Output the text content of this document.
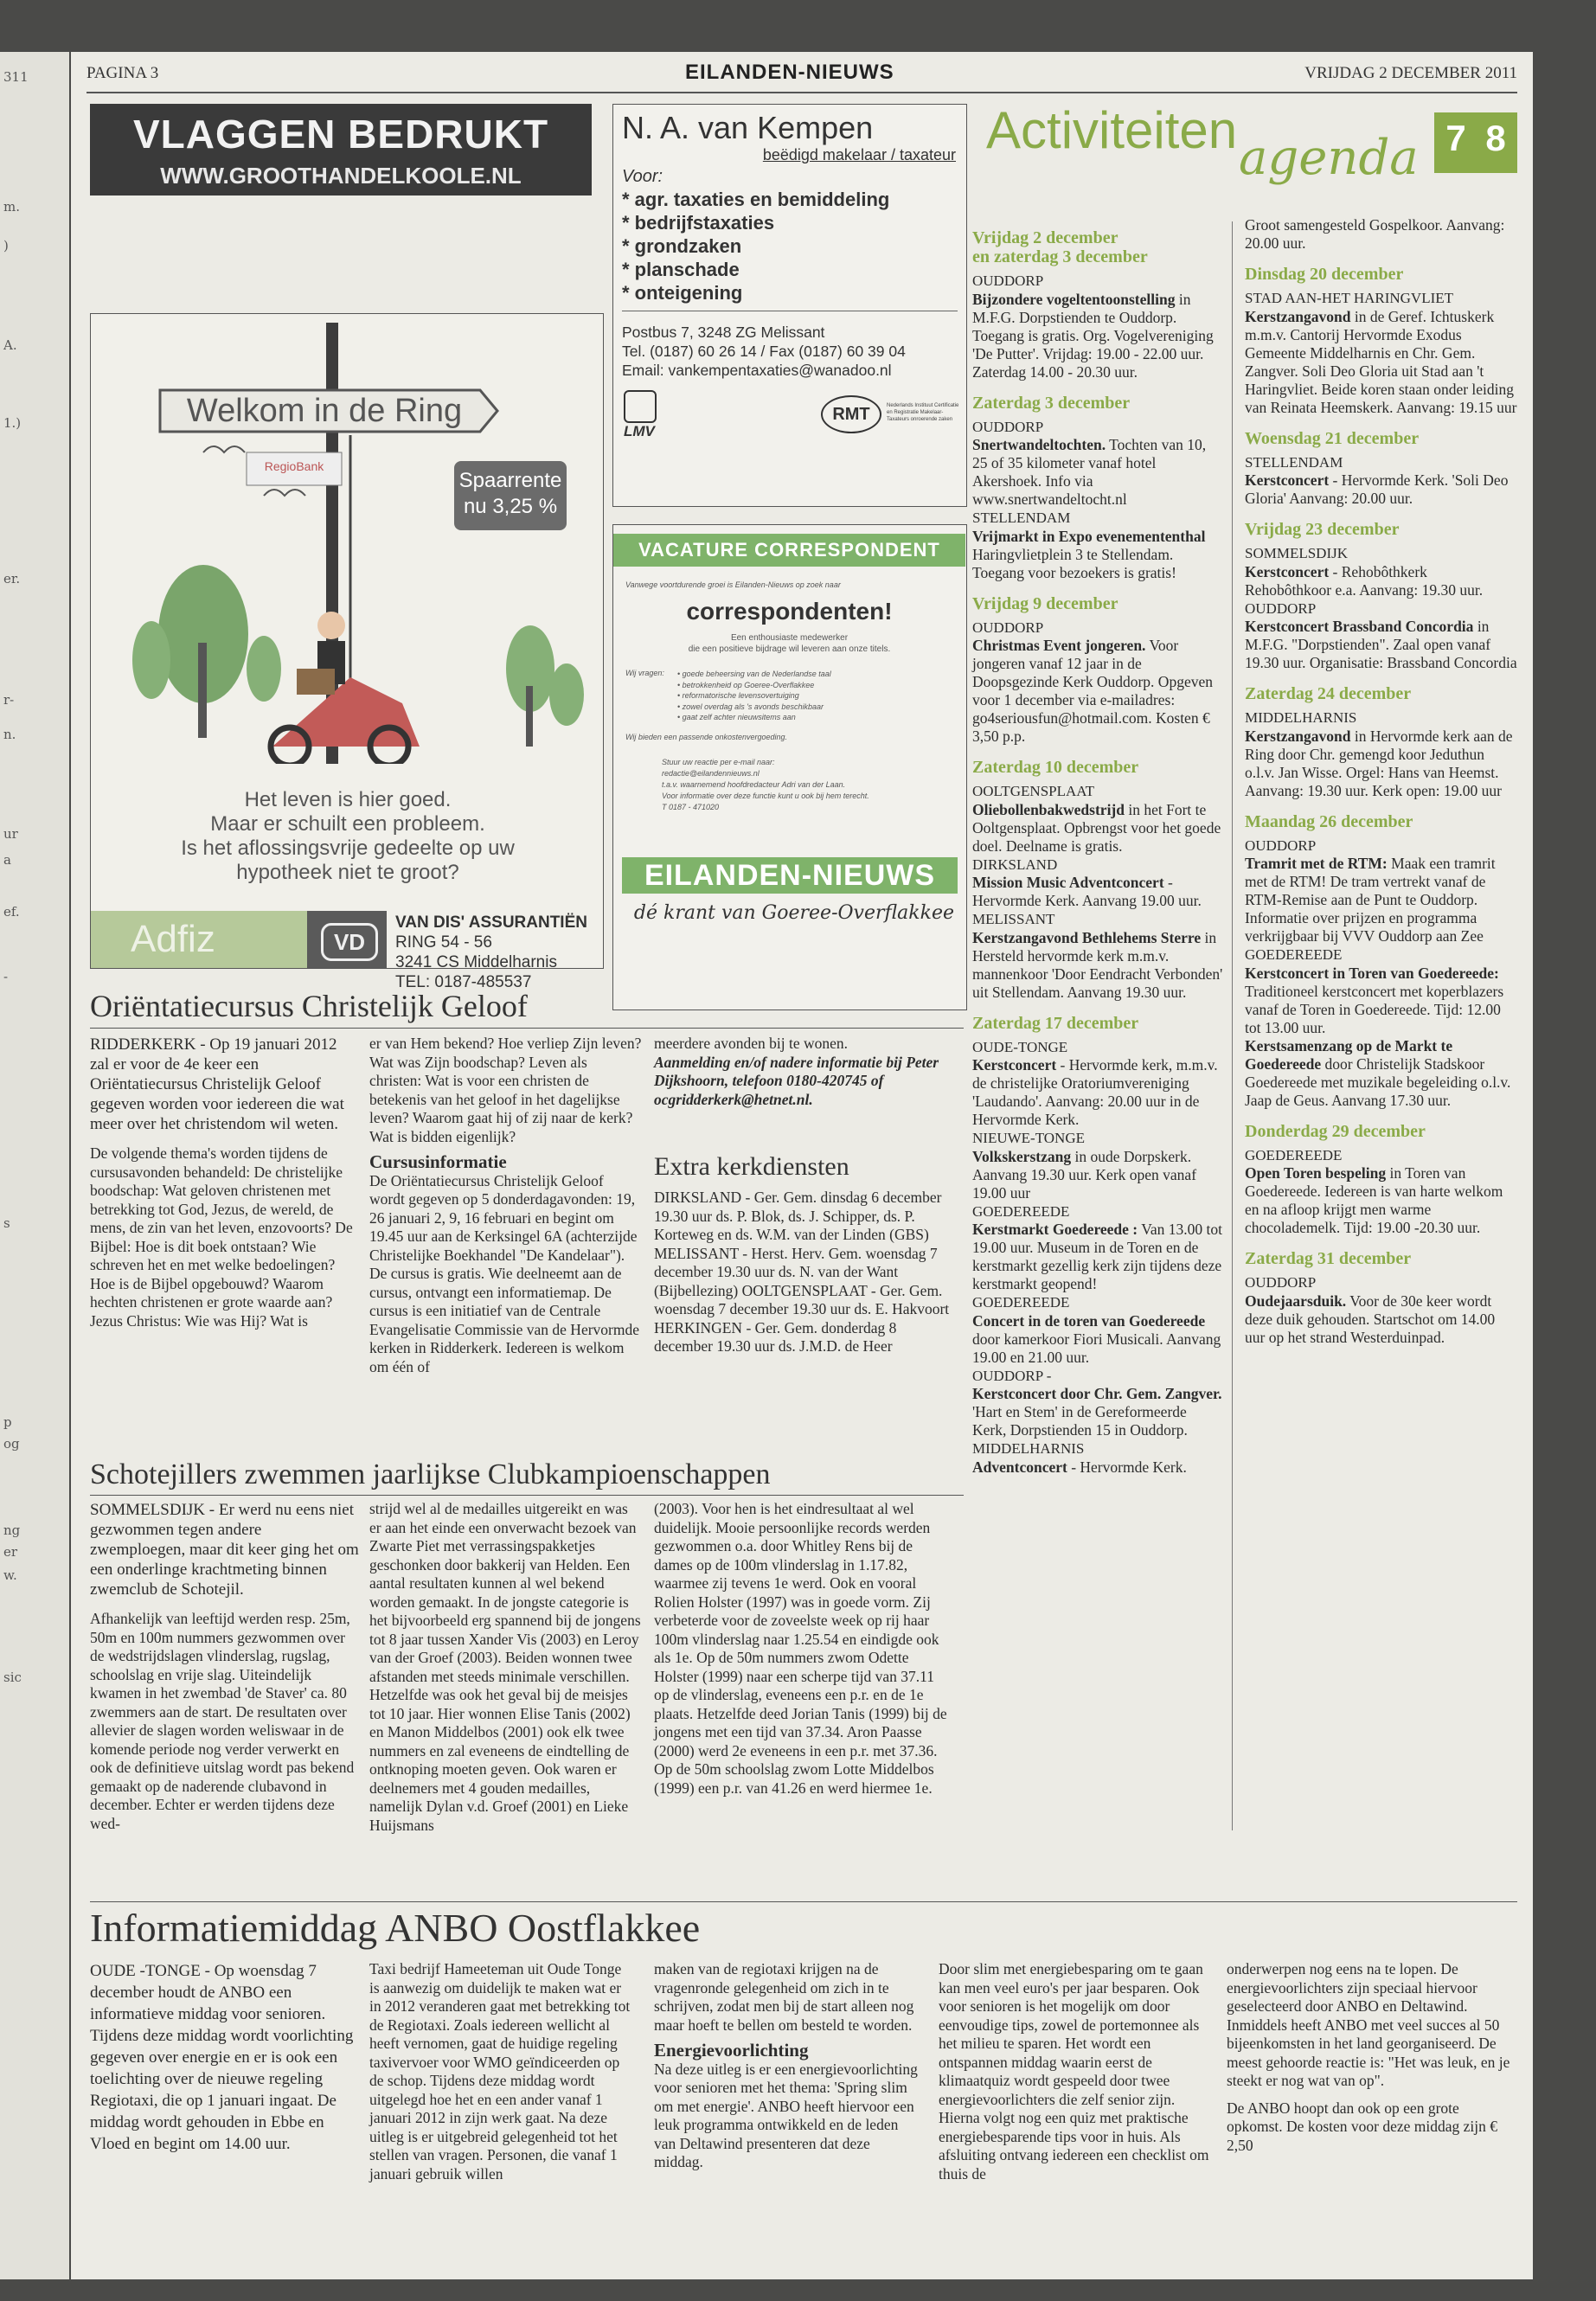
311
m.
)
A.
1.)
er.
r-
n.
ur
a
ef.
-
s
p
og
ng
er
w.
sic
PAGINA 3	EILANDEN-NIEUWS	VRIJDAG 2 DECEMBER 2011
VLAGGEN BEDRUKT
WWW.GROOTHANDELKOOLE.NL
N. A. van Kempen
beëdigd makelaar / taxateur
Voor:
* agr. taxaties en bemiddeling
* bedrijfstaxaties
* grondzaken
* planschade
* onteigening
Postbus 7, 3248 ZG Melissant
Tel. (0187) 60 26 14 / Fax (0187) 60 39 04
Email: vankempentaxaties@wanadoo.nl
LMV
RMT	Nederlands Instituut Certificatie en Registratie Makelaar-Taxateurs onroerende zaken
Welkom in de Ring
RegioBank
Spaarrente
nu 3,25 %
Het leven is hier goed.
Maar er schuilt een probleem.
Is het aflossingsvrije gedeelte op uw
hypotheek niet te groot?
Adfiz	VD
VAN DIS' ASSURANTIËN
RING 54 - 56
3241 CS Middelharnis
TEL: 0187-485537
VACATURE CORRESPONDENT
Vanwege voortdurende groei is Eilanden-Nieuws op zoek naar
correspondenten!
Een enthousiaste medewerker
die een positieve bijdrage wil leveren aan onze titels.
Wij vragen: • goede beheersing van de Nederlandse taal
• betrokkenheid op Goeree-Overflakkee
• reformatorische levensovertuiging
• zowel overdag als 's avonds beschikbaar
• gaat zelf achter nieuwsitems aan
Wij bieden een passende onkostenvergoeding.
Stuur uw reactie per e-mail naar:
redactie@eilandennieuws.nl
t.a.v. waarnemend hoofdredacteur Adri van der Laan.
Voor informatie over deze functie kunt u ook bij hem terecht.
T 0187 - 471020
EILANDEN-NIEUWS
dé krant van Goeree-Overflakkee
Activiteiten agenda 7 8
Vrijdag 2 december
en zaterdag 3 december

OUDDORP

Bijzondere vogeltentoonstelling in M.F.G. Dorpstienden te Ouddorp. Toegang is gratis. Org. Vogelvereniging 'De Putter'. Vrijdag: 19.00 - 22.00 uur. Zaterdag 14.00 - 20.30 uur.

Zaterdag 3 december

OUDDORP

Snertwandeltochten. Tochten van 10, 25 of 35 kilometer vanaf hotel Akershoek. Info via www.snertwandeltocht.nl

STELLENDAM

Vrijmarkt in Expo evenemententhal Haringvlietplein 3 te Stellendam. Toegang voor bezoekers is gratis!

Vrijdag 9 december

OUDDORP

Christmas Event jongeren. Voor jongeren vanaf 12 jaar in de Doopsgezinde Kerk Ouddorp. Opgeven voor 1 december via e-mailadres: go4seriousfun@hotmail.com. Kosten € 3,50 p.p.

Zaterdag 10 december

OOLTGENSPLAAT

Oliebollenbakwedstrijd in het Fort te Ooltgensplaat. Opbrengst voor het goede doel. Deelname is gratis.

DIRKSLAND

Mission Music Adventconcert - Hervormde Kerk. Aanvang 19.00 uur.

MELISSANT

Kerstzangavond Bethlehems Sterre in Hersteld hervormde kerk m.m.v. mannenkoor 'Door Eendracht Verbonden' uit Stellendam. Aanvang 19.30 uur.

Zaterdag 17 december

OUDE-TONGE

Kerstconcert - Hervormde kerk, m.m.v. de christelijke Oratoriumvereniging 'Laudando'. Aanvang: 20.00 uur in de Hervormde Kerk.

NIEUWE-TONGE

Volkskerstzang in oude Dorpskerk. Aanvang 19.30 uur. Kerk open vanaf 19.00 uur

GOEDEREEDE

Kerstmarkt Goedereede : Van 13.00 tot 19.00 uur. Museum in de Toren en de kerstmarkt gezellig kerk zijn tijdens deze kerstmarkt geopend!

GOEDEREEDE

Concert in de toren van Goedereede door kamerkoor Fiori Musicali. Aanvang 19.00 en 21.00 uur.

OUDDORP -

Kerstconcert door Chr. Gem. Zangver. 'Hart en Stem' in de Gereformeerde Kerk, Dorpstienden 15 in Ouddorp.

MIDDELHARNIS

Adventconcert - Hervormde Kerk.

Groot samengesteld Gospelkoor. Aanvang: 20.00 uur.

Dinsdag 20 december

STAD AAN-HET HARINGVLIET

Kerstzangavond in de Geref. Ichtuskerk m.m.v. Cantorij Hervormde Exodus Gemeente Middelharnis en Chr. Gem. Zangver. Soli Deo Gloria uit Stad aan 't Haringvliet. Beide koren staan onder leiding van Reinata Heemskerk. Aanvang: 19.15 uur

Woensdag 21 december

STELLENDAM

Kerstconcert - Hervormde Kerk. 'Soli Deo Gloria' Aanvang: 20.00 uur.

Vrijdag 23 december

SOMMELSDIJK

Kerstconcert - Rehobôthkerk Rehobôthkoor e.a. Aanvang: 19.30 uur.

OUDDORP

Kerstconcert Brassband Concordia in M.F.G. "Dorpstienden". Zaal open vanaf 19.30 uur. Organisatie: Brassband Concordia

Zaterdag 24 december

MIDDELHARNIS

Kerstzangavond in Hervormde kerk aan de Ring door Chr. gemengd koor Jeduthun o.l.v. Jan Wisse. Orgel: Hans van Heemst. Aanvang: 19.30 uur. Kerk open: 19.00 uur

Maandag 26 december

OUDDORP

Tramrit met de RTM: Maak een tramrit met de RTM! De tram vertrekt vanaf de RTM-Remise aan de Punt te Ouddorp. Informatie over prijzen en programma verkrijgbaar bij VVV Ouddorp aan Zee

GOEDEREEDE

Kerstconcert in Toren van Goedereede: Traditioneel kerstconcert met koperblazers vanaf de Toren in Goedereede. Tijd: 12.00 tot 13.00 uur.

Kerstsamenzang op de Markt te Goedereede door Christelijk Stadskoor Goedereede met muzikale begeleiding o.l.v. Jaap de Geus. Aanvang 17.30 uur.

Donderdag 29 december

GOEDEREEDE

Open Toren bespeling in Toren van Goedereede. Iedereen is van harte welkom en na afloop krijgt men warme chocolademelk. Tijd: 19.00 -20.30 uur.

Zaterdag 31 december

OUDDORP

Oudejaarsduik. Voor de 30e keer wordt deze duik gehouden. Startschot om 14.00 uur op het strand Westerduinpad.

Oriëntatiecursus Christelijk Geloof

RIDDERKERK - Op 19 januari 2012 zal er voor de 4e keer een Oriëntatiecursus Christelijk Geloof gegeven worden voor iedereen die wat meer over het christendom wil weten.

De volgende thema's worden tijdens de cursusavonden behandeld: De christelijke boodschap: Wat geloven christenen met betrekking tot God, Jezus, de wereld, de mens, de zin van het leven, enzovoorts? De Bijbel: Hoe is dit boek ontstaan? Wie schreven het en met welke bedoelingen? Hoe is de Bijbel opgebouwd? Waarom hechten christenen er grote waarde aan? Jezus Christus: Wie was Hij? Wat is

er van Hem bekend? Hoe verliep Zijn leven? Wat was Zijn boodschap? Leven als christen: Wat is voor een christen de betekenis van het geloof in het dagelijkse leven? Waarom gaat hij of zij naar de kerk? Wat is bidden eigenlijk?

Cursusinformatie

De Oriëntatiecursus Christelijk Geloof wordt gegeven op 5 donderdagavonden: 19, 26 januari 2, 9, 16 februari en begint om 19.45 uur aan de Kerksingel 6A (achterzijde Christelijke Boekhandel "De Kandelaar"). De cursus is gratis. Wie deelneemt aan de cursus, ontvangt een informatiemap. De cursus is een initiatief van de Centrale Evangelisatie Commissie van de Hervormde kerken in Ridderkerk. Iedereen is welkom om één of

meerdere avonden bij te wonen.

Aanmelding en/of nadere informatie bij Peter Dijkshoorn, telefoon 0180-420745 of ocgridderkerk@hetnet.nl.

Extra kerkdiensten
DIRKSLAND - Ger. Gem. dinsdag 6 december 19.30 uur ds. P. Blok, ds. J. Schipper, ds. P. Korteweg en ds. W.M. van der Linden (GBS) MELISSANT - Herst. Herv. Gem. woensdag 7 december 19.30 uur ds. N. van der Want (Bijbellezing) OOLTGENSPLAAT - Ger. Gem. woensdag 7 december 19.30 uur ds. E. Hakvoort HERKINGEN - Ger. Gem. donderdag 8 december 19.30 uur ds. J.M.D. de Heer
Schotejillers zwemmen jaarlijkse Clubkampioenschappen

SOMMELSDIJK - Er werd nu eens niet gezwommen tegen andere zwemploegen, maar dit keer ging het om een onderlinge krachtmeting binnen zwemclub de Schotejil.

Afhankelijk van leeftijd werden resp. 25m, 50m en 100m nummers gezwommen over de wedstrijdslagen vlinderslag, rugslag, schoolslag en vrije slag. Uiteindelijk kwamen in het zwembad 'de Staver' ca. 80 zwemmers aan de start. De resultaten over allevier de slagen worden weliswaar in de komende periode nog verder verwerkt en ook de definitieve uitslag wordt pas bekend gemaakt op de naderende clubavond in december. Echter er werden tijdens deze wed-

strijd wel al de medailles uitgereikt en was er aan het einde een onverwacht bezoek van Zwarte Piet met verrassingspakketjes geschonken door bakkerij van Helden. Een aantal resultaten kunnen al wel bekend worden gemaakt. In de jongste categorie is het bijvoorbeeld erg spannend bij de jongens tot 8 jaar tussen Xander Vis (2003) en Leroy van der Groef (2003). Beiden wonnen twee afstanden met steeds minimale verschillen. Hetzelfde was ook het geval bij de meisjes tot 10 jaar. Hier wonnen Elise Tanis (2002) en Manon Middelbos (2001) ook elk twee nummers en zal eveneens de eindtelling de ontknoping moeten geven. Ook waren er deelnemers met 4 gouden medailles, namelijk Dylan v.d. Groef (2001) en Lieke Huijsmans
(2003). Voor hen is het eindresultaat al wel duidelijk. Mooie persoonlijke records werden gezwommen o.a. door Whitley Rens bij de dames op de 100m vlinderslag in 1.17.82, waarmee zij tevens 1e werd. Ook en vooral Rolien Holster (1997) was in goede vorm. Zij verbeterde voor de zoveelste week op rij haar 100m vlinderslag naar 1.25.54 en eindigde ook als 1e. Op de 50m nummers zwom Odette Holster (1999) naar een scherpe tijd van 37.11 op de vlinderslag, eveneens een p.r. en de 1e plaats. Hetzelfde deed Jorian Tanis (1999) bij de jongens met een tijd van 37.34. Aron Paasse (2000) werd 2e eveneens in een p.r. met 37.36. Op de 50m schoolslag zwom Lotte Middelbos (1999) een p.r. van 41.26 en werd hiermee 1e.
Informatiemiddag ANBO Oostflakkee

OUDE -TONGE - Op woensdag 7 december houdt de ANBO een informatieve middag voor senioren. Tijdens deze middag wordt voorlichting gegeven over energie en er is ook een toelichting over de nieuwe regeling Regiotaxi, die op 1 januari ingaat. De middag wordt gehouden in Ebbe en Vloed en begint om 14.00 uur.

Taxi bedrijf Hameeteman uit Oude Tonge is aanwezig om duidelijk te maken wat er in 2012 veranderen gaat met betrekking tot de Regiotaxi. Zoals iedereen wellicht al heeft vernomen, gaat de huidige regeling taxivervoer voor WMO geïndiceerden op de schop. Tijdens deze middag wordt uitgelegd hoe het en een ander vanaf 1 januari 2012 in zijn werk gaat. Na deze uitleg is er uitgebreid gelegenheid tot het stellen van vragen. Personen, die vanaf 1 januari gebruik willen

maken van de regiotaxi krijgen na de vragenronde gelegenheid om zich in te schrijven, zodat men bij de start alleen nog maar hoeft te bellen om besteld te worden.

Energievoorlichting

Na deze uitleg is er een energievoorlichting voor senioren met het thema: 'Spring slim om met energie'. ANBO heeft hiervoor een leuk programma ontwikkeld en de leden van Deltawind presenteren dat deze middag.

Door slim met energiebesparing om te gaan kan men veel euro's per jaar besparen. Ook voor senioren is het mogelijk om door eenvoudige tips, zowel de portemonnee als het milieu te sparen. Het wordt een ontspannen middag waarin eerst de klimaatquiz wordt gespeeld door twee energievoorlichters die zelf senior zijn. Hierna volgt nog een quiz met praktische energiebesparende tips voor in huis. Als afsluiting ontvang iedereen een checklist om thuis de

onderwerpen nog eens na te lopen. De energievoorlichters zijn speciaal hiervoor geselecteerd door ANBO en Deltawind. Inmiddels heeft ANBO met veel succes al 50 bijeenkomsten in het land georganiseerd. De meest gehoorde reactie is: "Het was leuk, en je steekt er nog wat van op".

De ANBO hoopt dan ook op een grote opkomst. De kosten voor deze middag zijn € 2,50
